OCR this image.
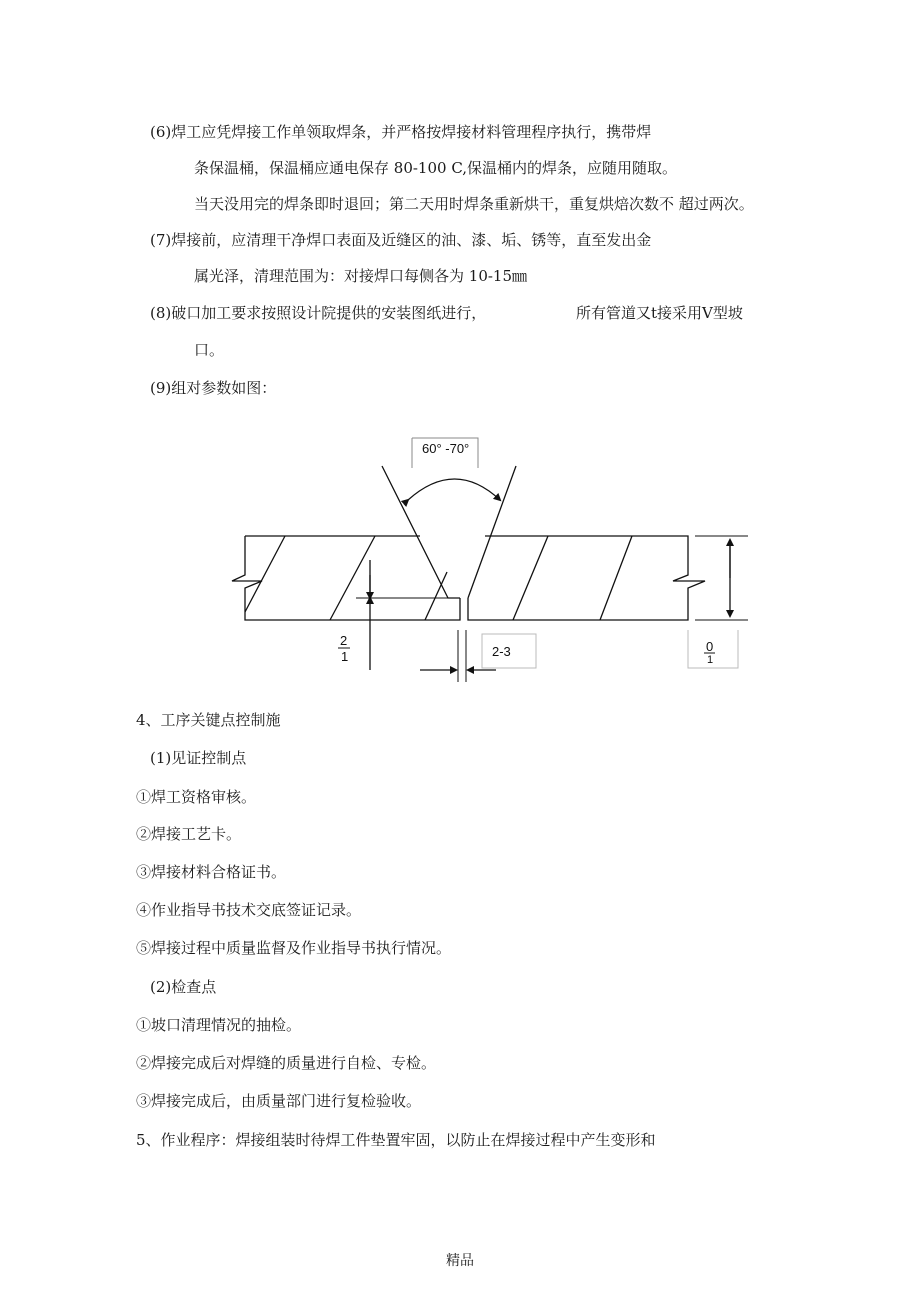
(6)焊工应凭焊接工作单领取焊条，并严格按焊接材料管理程序执行，携带焊
条保温桶，保温桶应通电保存 80-100 C,保温桶内的焊条，应随用随取。
当天没用完的焊条即时退回；第二天用时焊条重新烘干，重复烘焙次数不 超过两次。
(7)焊接前，应清理干净焊口表面及近缝区的油、漆、垢、锈等，直至发出金
属光泽，清理范围为：对接焊口每侧各为 10-15㎜
(8)破口加工要求按照设计院提供的安装图纸进行，	所有管道又t接采用V型坡
口。
(9)组对参数如图：
60° -70°
2-3
2
1
0
1
4、工序关键点控制施
(1)见证控制点
①焊工资格审核。
②焊接工艺卡。
③焊接材料合格证书。
④作业指导书技术交底签证记录。
⑤焊接过程中质量监督及作业指导书执行情况。
(2)检查点
①坡口清理情况的抽检。
②焊接完成后对焊缝的质量进行自检、专检。
③焊接完成后，由质量部门进行复检验收。
5、作业程序：焊接组装时待焊工件垫置牢固，以防止在焊接过程中产生变形和
精品
